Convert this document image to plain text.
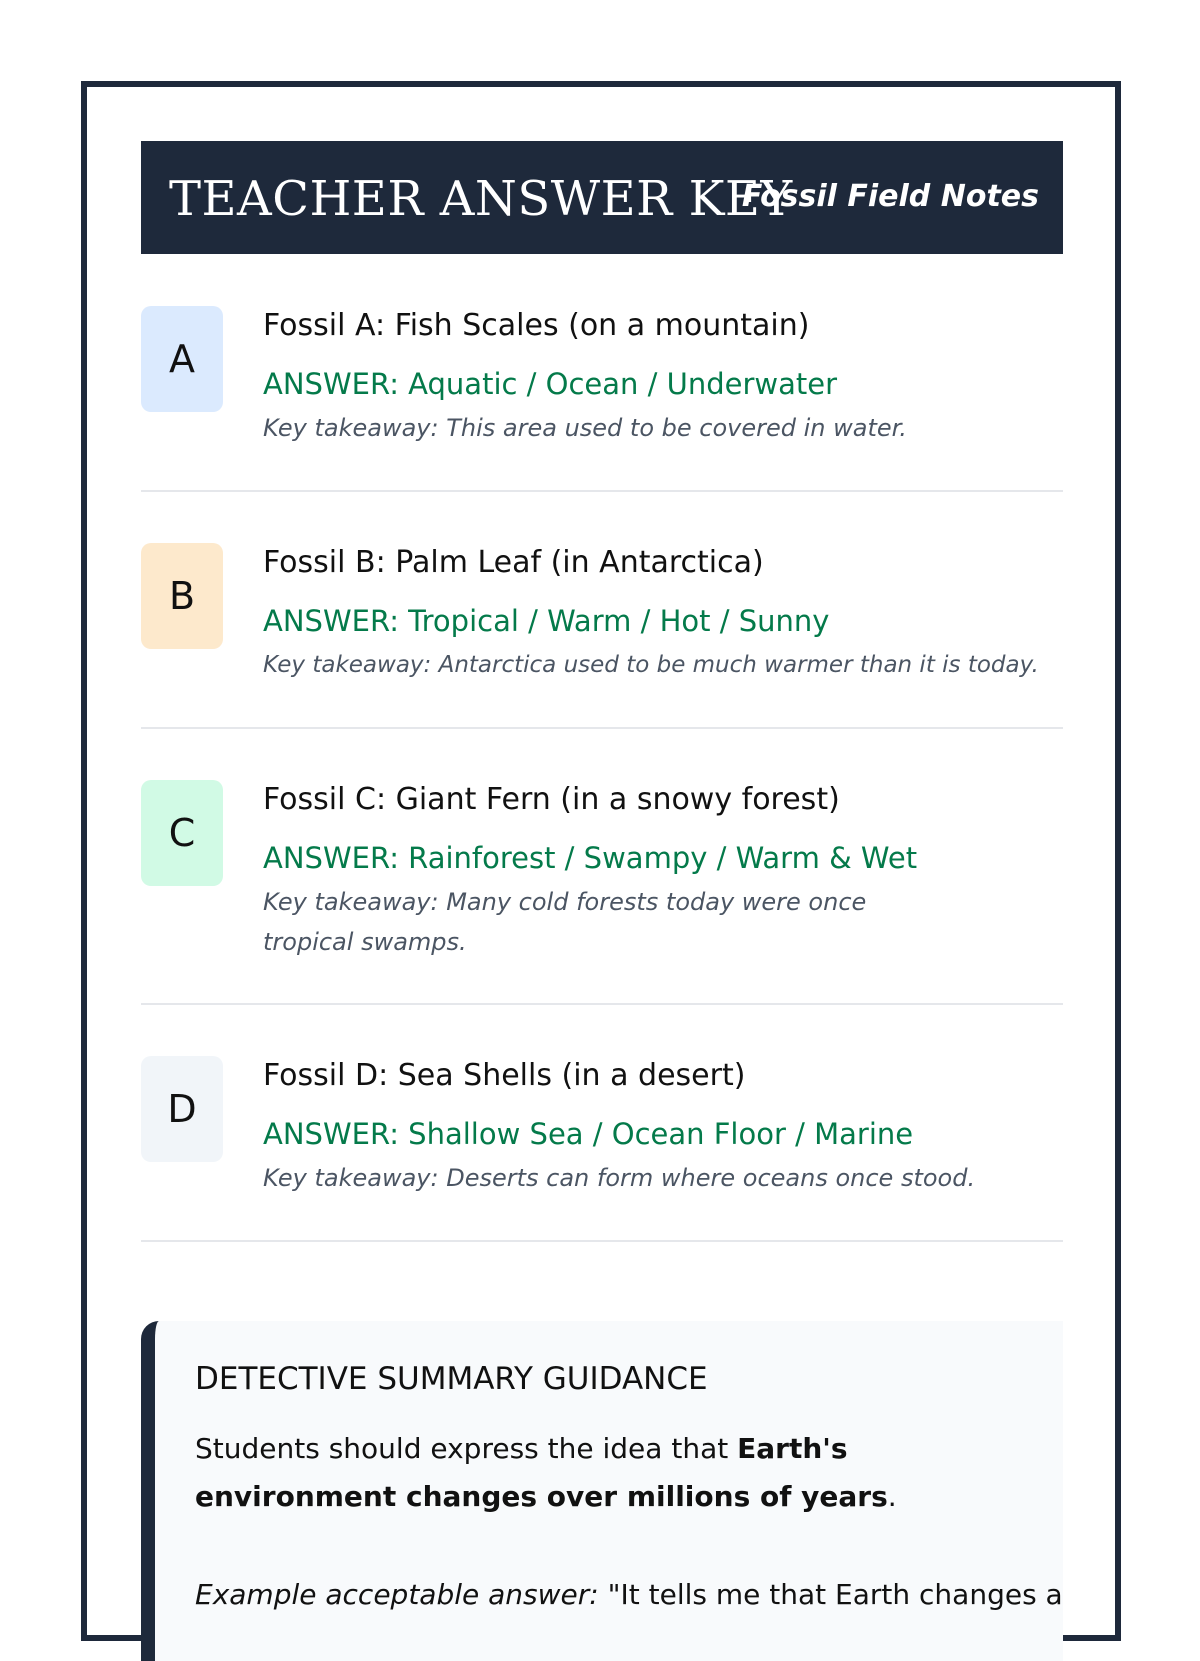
TEACHER ANSWER KEY
Fossil Field Notes
A
Fossil A: Fish Scales (on a mountain)
ANSWER: Aquatic / Ocean / Underwater
Key takeaway: This area used to be covered in water.
B
Fossil B: Palm Leaf (in Antarctica)
ANSWER: Tropical / Warm / Hot / Sunny
Key takeaway: Antarctica used to be much warmer than it is today.
C
Fossil C: Giant Fern (in a snowy forest)
ANSWER: Rainforest / Swampy / Warm & Wet
Key takeaway: Many cold forests today were once tropical swamps.
D
Fossil D: Sea Shells (in a desert)
ANSWER: Shallow Sea / Ocean Floor / Marine
Key takeaway: Deserts can form where oceans once stood.
DETECTIVE SUMMARY GUIDANCE
Students should express the idea that Earth's environment changes over millions of years.
Example acceptable answer: "It tells me that Earth changes a
